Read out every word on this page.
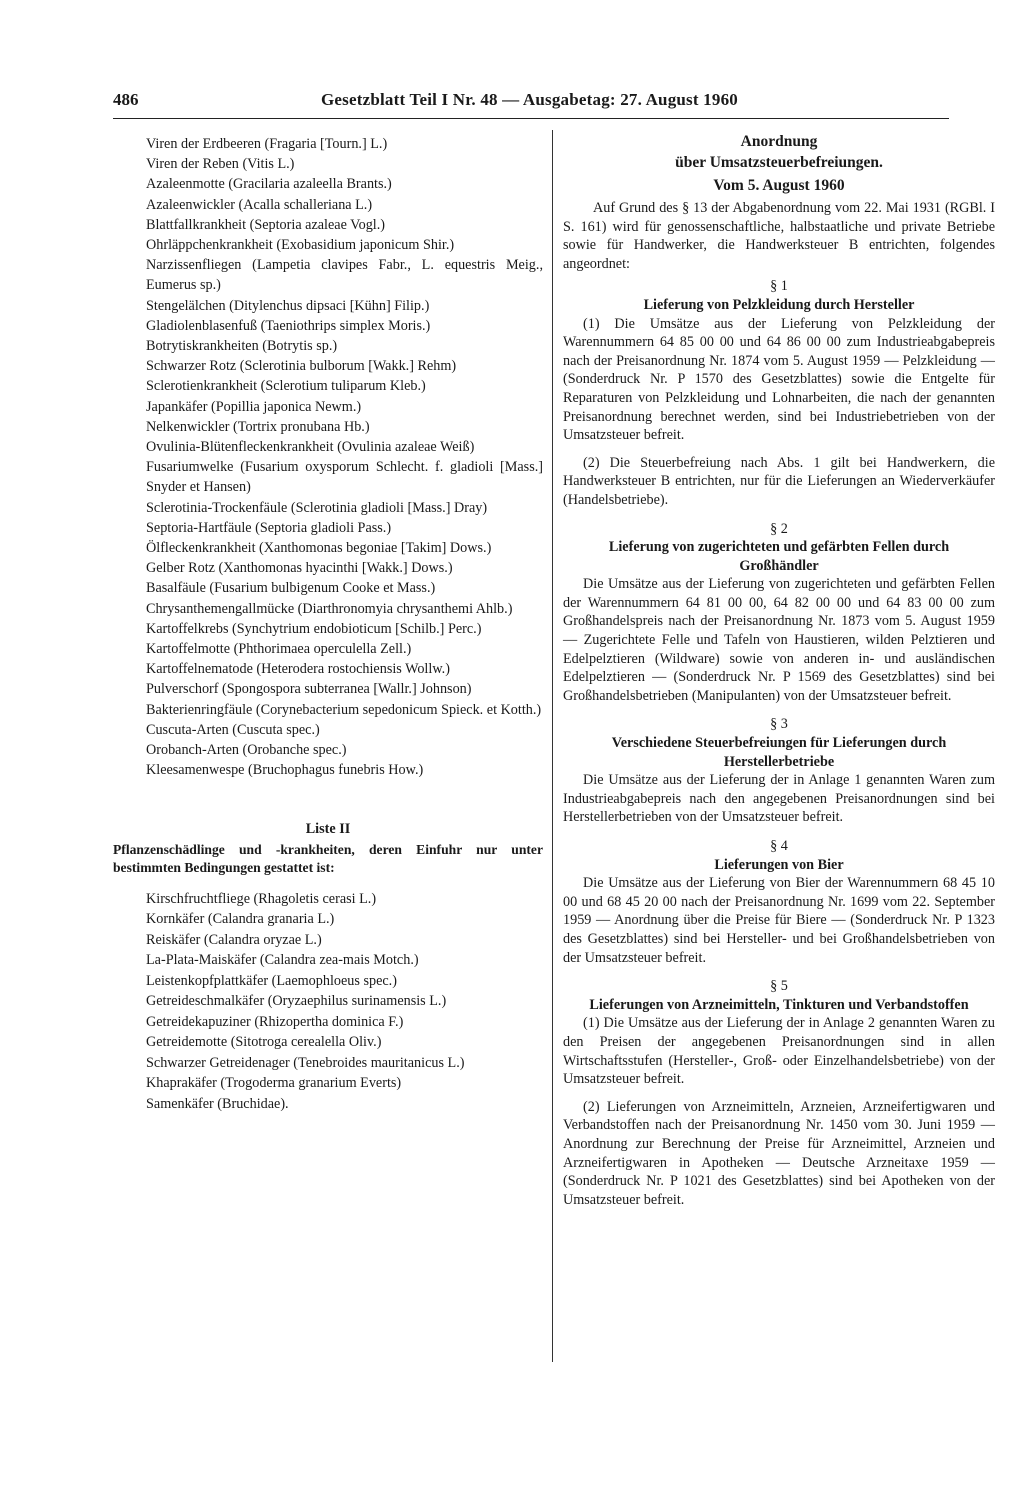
486	Gesetzblatt Teil I Nr. 48 — Ausgabetag: 27. August 1960

Viren der Erdbeeren (Fragaria [Tourn.] L.)

Viren der Reben (Vitis L.)

Azaleenmotte (Gracilaria azaleella Brants.)

Azaleenwickler (Acalla schalleriana L.)

Blattfallkrankheit (Septoria azaleae Vogl.)

Ohrläppchenkrankheit (Exobasidium japonicum Shir.)

Narzissenfliegen (Lampetia clavipes Fabr., L. equestris Meig., Eumerus sp.)

Stengelälchen (Ditylenchus dipsaci [Kühn] Filip.)

Gladiolenblasenfuß (Taeniothrips simplex Moris.)

Botrytiskrankheiten (Botrytis sp.)

Schwarzer Rotz (Sclerotinia bulborum [Wakk.] Rehm)

Sclerotienkrankheit (Sclerotium tuliparum Kleb.)

Japankäfer (Popillia japonica Newm.)

Nelkenwickler (Tortrix pronubana Hb.)

Ovulinia-Blütenfleckenkrankheit (Ovulinia azaleae Weiß)

Fusariumwelke (Fusarium oxysporum Schlecht. f. gladioli [Mass.] Snyder et Hansen)

Sclerotinia-Trockenfäule (Sclerotinia gladioli [Mass.] Dray)

Septoria-Hartfäule (Septoria gladioli Pass.)

Ölfleckenkrankheit (Xanthomonas begoniae [Takim] Dows.)

Gelber Rotz (Xanthomonas hyacinthi [Wakk.] Dows.)

Basalfäule (Fusarium bulbigenum Cooke et Mass.)

Chrysanthemengallmücke (Diarthronomyia chrysanthemi Ahlb.)

Kartoffelkrebs (Synchytrium endobioticum [Schilb.] Perc.)

Kartoffelmotte (Phthorimaea operculella Zell.)

Kartoffelnematode (Heterodera rostochiensis Wollw.)

Pulverschorf (Spongospora subterranea [Wallr.] Johnson)

Bakterienringfäule (Corynebacterium sepedonicum Spieck. et Kotth.)

Cuscuta-Arten (Cuscuta spec.)

Orobanch-Arten (Orobanche spec.)

Kleesamenwespe (Bruchophagus funebris How.)

Liste II

Pflanzenschädlinge und -krankheiten, deren Einfuhr nur unter bestimmten Bedingungen gestattet ist:

Kirschfruchtfliege (Rhagoletis cerasi L.)

Kornkäfer (Calandra granaria L.)

Reiskäfer (Calandra oryzae L.)

La-Plata-Maiskäfer (Calandra zea-mais Motch.)

Leistenkopfplattkäfer (Laemophloeus spec.)

Getreideschmalkäfer (Oryzaephilus surinamensis L.)

Getreidekapuziner (Rhizopertha dominica F.)

Getreidemotte (Sitotroga cerealella Oliv.)

Schwarzer Getreidenager (Tenebroides mauritanicus L.)

Khaprakäfer (Trogoderma granarium Everts)

Samenkäfer (Bruchidae).

Anordnung

über Umsatzsteuerbefreiungen.

Vom 5. August 1960

Auf Grund des § 13 der Abgabenordnung vom 22. Mai 1931 (RGBl. I S. 161) wird für genossenschaftliche, halbstaatliche und private Betriebe sowie für Handwerker, die Handwerksteuer B entrichten, folgendes angeordnet:

§ 1

Lieferung von Pelzkleidung durch Hersteller

(1) Die Umsätze aus der Lieferung von Pelzkleidung der Warennummern 64 85 00 00 und 64 86 00 00 zum Industrieabgabepreis nach der Preisanordnung Nr. 1874 vom 5. August 1959 — Pelzkleidung — (Sonderdruck Nr. P 1570 des Gesetzblattes) sowie die Entgelte für Reparaturen von Pelzkleidung und Lohnarbeiten, die nach der genannten Preisanordnung berechnet werden, sind bei Industriebetrieben von der Umsatzsteuer befreit.

(2) Die Steuerbefreiung nach Abs. 1 gilt bei Handwerkern, die Handwerksteuer B entrichten, nur für die Lieferungen an Wiederverkäufer (Handelsbetriebe).

§ 2

Lieferung von zugerichteten und gefärbten Fellen durch Großhändler

Die Umsätze aus der Lieferung von zugerichteten und gefärbten Fellen der Warennummern 64 81 00 00, 64 82 00 00 und 64 83 00 00 zum Großhandelspreis nach der Preisanordnung Nr. 1873 vom 5. August 1959 — Zugerichtete Felle und Tafeln von Haustieren, wilden Pelztieren und Edelpelztieren (Wildware) sowie von anderen in- und ausländischen Edelpelztieren — (Sonderdruck Nr. P 1569 des Gesetzblattes) sind bei Großhandelsbetrieben (Manipulanten) von der Umsatzsteuer befreit.

§ 3

Verschiedene Steuerbefreiungen für Lieferungen durch Herstellerbetriebe

Die Umsätze aus der Lieferung der in Anlage 1 genannten Waren zum Industrieabgabepreis nach den angegebenen Preisanordnungen sind bei Herstellerbetrieben von der Umsatzsteuer befreit.

§ 4

Lieferungen von Bier

Die Umsätze aus der Lieferung von Bier der Warennummern 68 45 10 00 und 68 45 20 00 nach der Preisanordnung Nr. 1699 vom 22. September 1959 — Anordnung über die Preise für Biere — (Sonderdruck Nr. P 1323 des Gesetzblattes) sind bei Hersteller- und bei Großhandelsbetrieben von der Umsatzsteuer befreit.

§ 5

Lieferungen von Arzneimitteln, Tinkturen und Verbandstoffen

(1) Die Umsätze aus der Lieferung der in Anlage 2 genannten Waren zu den Preisen der angegebenen Preisanordnungen sind in allen Wirtschaftsstufen (Hersteller-, Groß- oder Einzelhandelsbetriebe) von der Umsatzsteuer befreit.

(2) Lieferungen von Arzneimitteln, Arzneien, Arzneifertigwaren und Verbandstoffen nach der Preisanordnung Nr. 1450 vom 30. Juni 1959 — Anordnung zur Berechnung der Preise für Arzneimittel, Arzneien und Arzneifertigwaren in Apotheken — Deutsche Arzneitaxe 1959 — (Sonderdruck Nr. P 1021 des Gesetzblattes) sind bei Apotheken von der Umsatzsteuer befreit.
